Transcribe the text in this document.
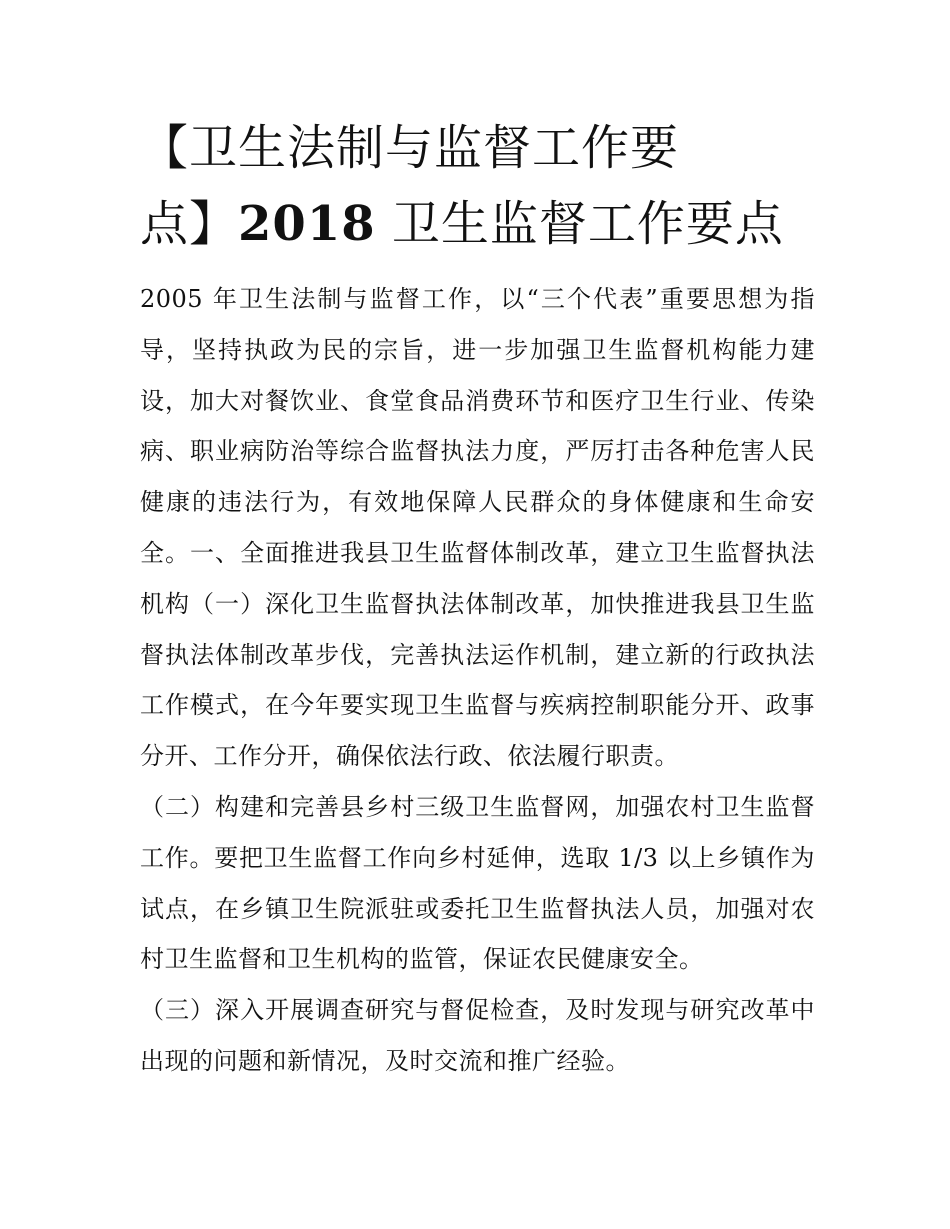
【卫生法制与监督工作要
点】2018 卫生监督工作要点

2005 年卫生法制与监督工作，以“三个代表”重要思想为指导，坚持执政为民的宗旨，进一步加强卫生监督机构能力建设，加大对餐饮业、食堂食品消费环节和医疗卫生行业、传染病、职业病防治等综合监督执法力度，严厉打击各种危害人民健康的违法行为，有效地保障人民群众的身体健康和生命安全。一、全面推进我县卫生监督体制改革，建立卫生监督执法机构（一）深化卫生监督执法体制改革，加快推进我县卫生监督执法体制改革步伐，完善执法运作机制，建立新的行政执法工作模式，在今年要实现卫生监督与疾病控制职能分开、政事分开、工作分开，确保依法行政、依法履行职责。

（二）构建和完善县乡村三级卫生监督网，加强农村卫生监督工作。要把卫生监督工作向乡村延伸，选取 1/3 以上乡镇作为试点，在乡镇卫生院派驻或委托卫生监督执法人员，加强对农村卫生监督和卫生机构的监管，保证农民健康安全。

（三）深入开展调查研究与督促检查，及时发现与研究改革中出现的问题和新情况，及时交流和推广经验。
